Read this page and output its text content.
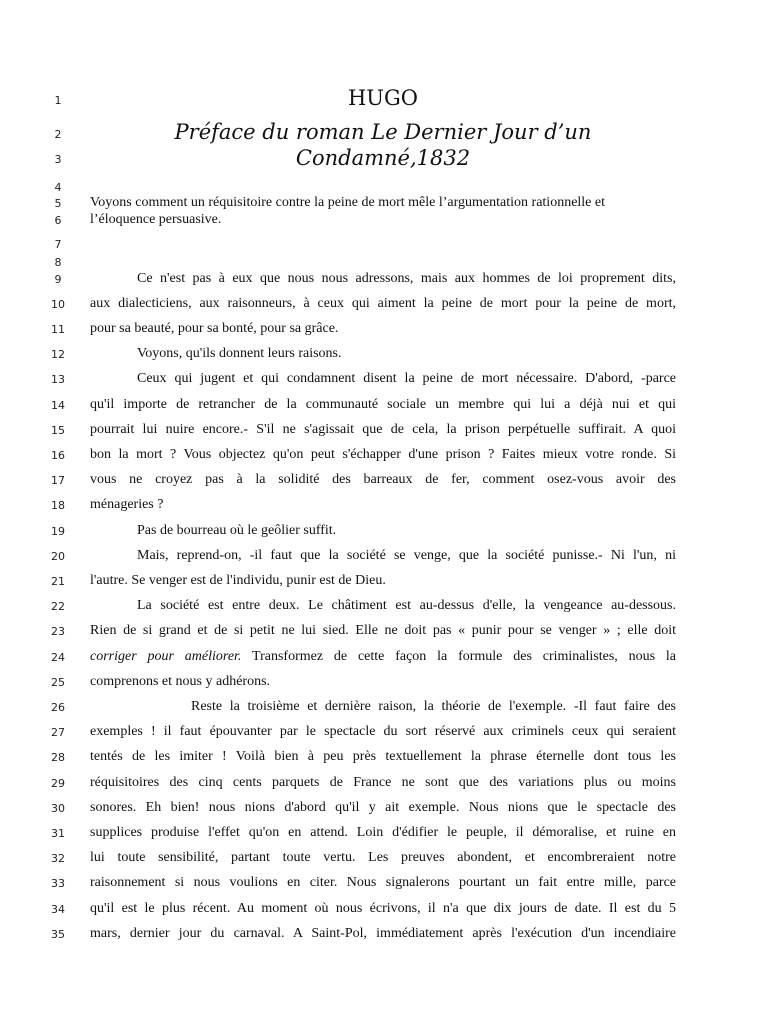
1
2
3
4
5
6
7
8
9
10
11
12
13
14
15
16
17
18
19
20
21
22
23
24
25
26
27
28
29
30
31
32
33
34
35
HUGO
Préface du roman Le Dernier Jour d’un
Condamné,1832
Voyons comment un réquisitoire contre la peine de mort mêle l’argumentation rationnelle et
l’éloquence persuasive.
Ce n'est pas à eux que nous nous adressons, mais aux hommes de loi proprement dits,
aux dialecticiens, aux raisonneurs, à ceux qui aiment la peine de mort pour la peine de mort,
pour sa beauté, pour sa bonté, pour sa grâce.
Voyons, qu'ils donnent leurs raisons.
Ceux qui jugent et qui condamnent disent la peine de mort nécessaire. D'abord, -parce
qu'il importe de retrancher de la communauté sociale un membre qui lui a déjà nui et qui
pourrait lui nuire encore.- S'il ne s'agissait que de cela, la prison perpétuelle suffirait. A quoi
bon la mort ? Vous objectez qu'on peut s'échapper d'une prison ? Faites mieux votre ronde. Si
vous ne croyez pas à la solidité des barreaux de fer, comment osez-vous avoir des
ménageries ?
Pas de bourreau où le geôlier suffit.
Mais, reprend-on, -il faut que la société se venge, que la société punisse.- Ni l'un, ni
l'autre. Se venger est de l'individu, punir est de Dieu.
La société est entre deux. Le châtiment est au-dessus d'elle, la vengeance au-dessous.
Rien de si grand et de si petit ne lui sied. Elle ne doit pas « punir pour se venger » ; elle doit
corriger pour améliorer. Transformez de cette façon la formule des criminalistes, nous la
comprenons et nous y adhérons.
Reste la troisième et dernière raison, la théorie de l'exemple. -Il faut faire des
exemples ! il faut épouvanter par le spectacle du sort réservé aux criminels ceux qui seraient
tentés de les imiter ! Voilà bien à peu près textuellement la phrase éternelle dont tous les
réquisitoires des cinq cents parquets de France ne sont que des variations plus ou moins
sonores. Eh bien! nous nions d'abord qu'il y ait exemple. Nous nions que le spectacle des
supplices produise l'effet qu'on en attend. Loin d'édifier le peuple, il démoralise, et ruine en
lui toute sensibilité, partant toute vertu. Les preuves abondent, et encombreraient notre
raisonnement si nous voulions en citer. Nous signalerons pourtant un fait entre mille, parce
qu'il est le plus récent. Au moment où nous écrivons, il n'a que dix jours de date. Il est du 5
mars, dernier jour du carnaval. A Saint-Pol, immédiatement après l'exécution d'un incendiaire
